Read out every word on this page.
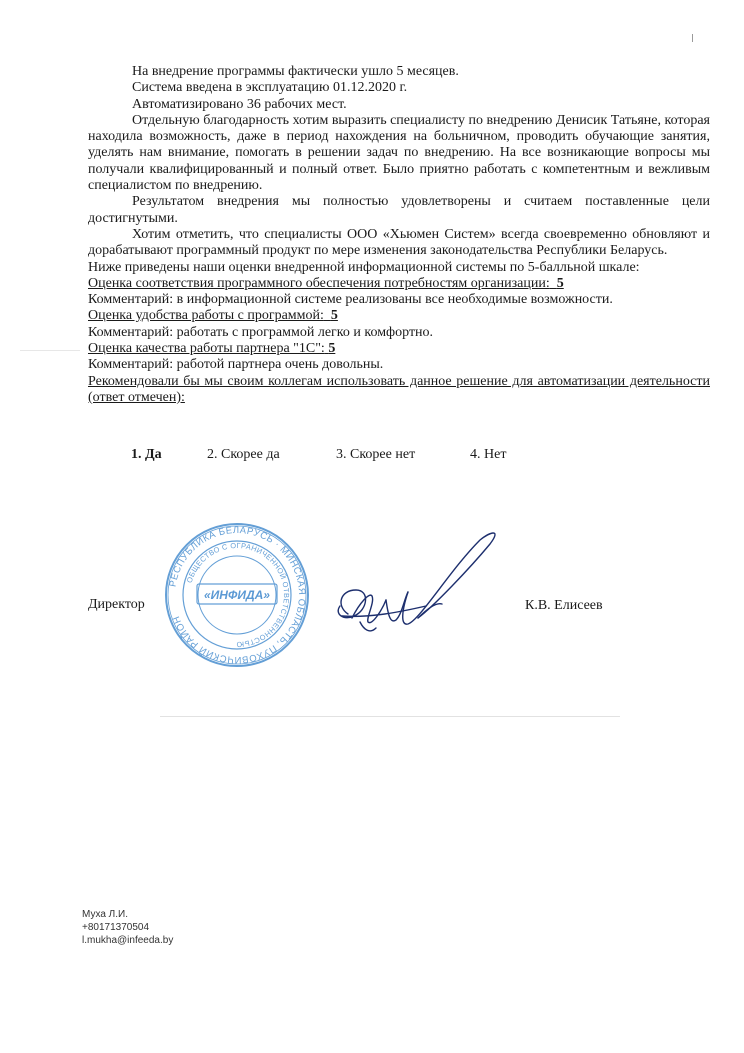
На внедрение программы фактически ушло 5 месяцев.

Система введена в эксплуатацию 01.12.2020 г.

Автоматизировано 36 рабочих мест.

Отдельную благодарность хотим выразить специалисту по внедрению Денисик Татьяне, которая находила возможность, даже в период нахождения на больничном, проводить обучающие занятия, уделять нам внимание, помогать в решении задач по внедрению. На все возникающие вопросы мы получали квалифицированный и полный ответ. Было приятно работать с компетентным и вежливым специалистом по внедрению.

Результатом внедрения мы полностью удовлетворены и считаем поставленные цели достигнутыми.

Хотим отметить, что специалисты ООО «Хьюмен Систем» всегда своевременно обновляют и дорабатывают программный продукт по мере изменения законодательства Республики Беларусь.

Ниже приведены наши оценки внедренной информационной системы по 5-балльной шкале:

Оценка соответствия программного обеспечения потребностям организации: 5

Комментарий: в информационной системе реализованы все необходимые возможности.

Оценка удобства работы с программой: 5

Комментарий: работать с программой легко и комфортно.

Оценка качества работы партнера "1С": 5

Комментарий: работой партнера очень довольны.

Рекомендовали бы мы своим коллегам использовать данное решение для автоматизации деятельности (ответ отмечен):

1. Да	2. Скорее да	3. Скорее нет	4. Нет
Директор
РЕСПУБЛИКА БЕЛАРУСЬ · МИНСКАЯ ОБЛАСТЬ, ПУХОВИЧСКИЙ РАЙОН
ОБЩЕСТВО С ОГРАНИЧЕННОЙ ОТВЕТСТВЕННОСТЬЮ
«ИНФИДА»
К.В. Елисеев
Муха Л.И.
+80171370504
l.mukha@infeeda.by
